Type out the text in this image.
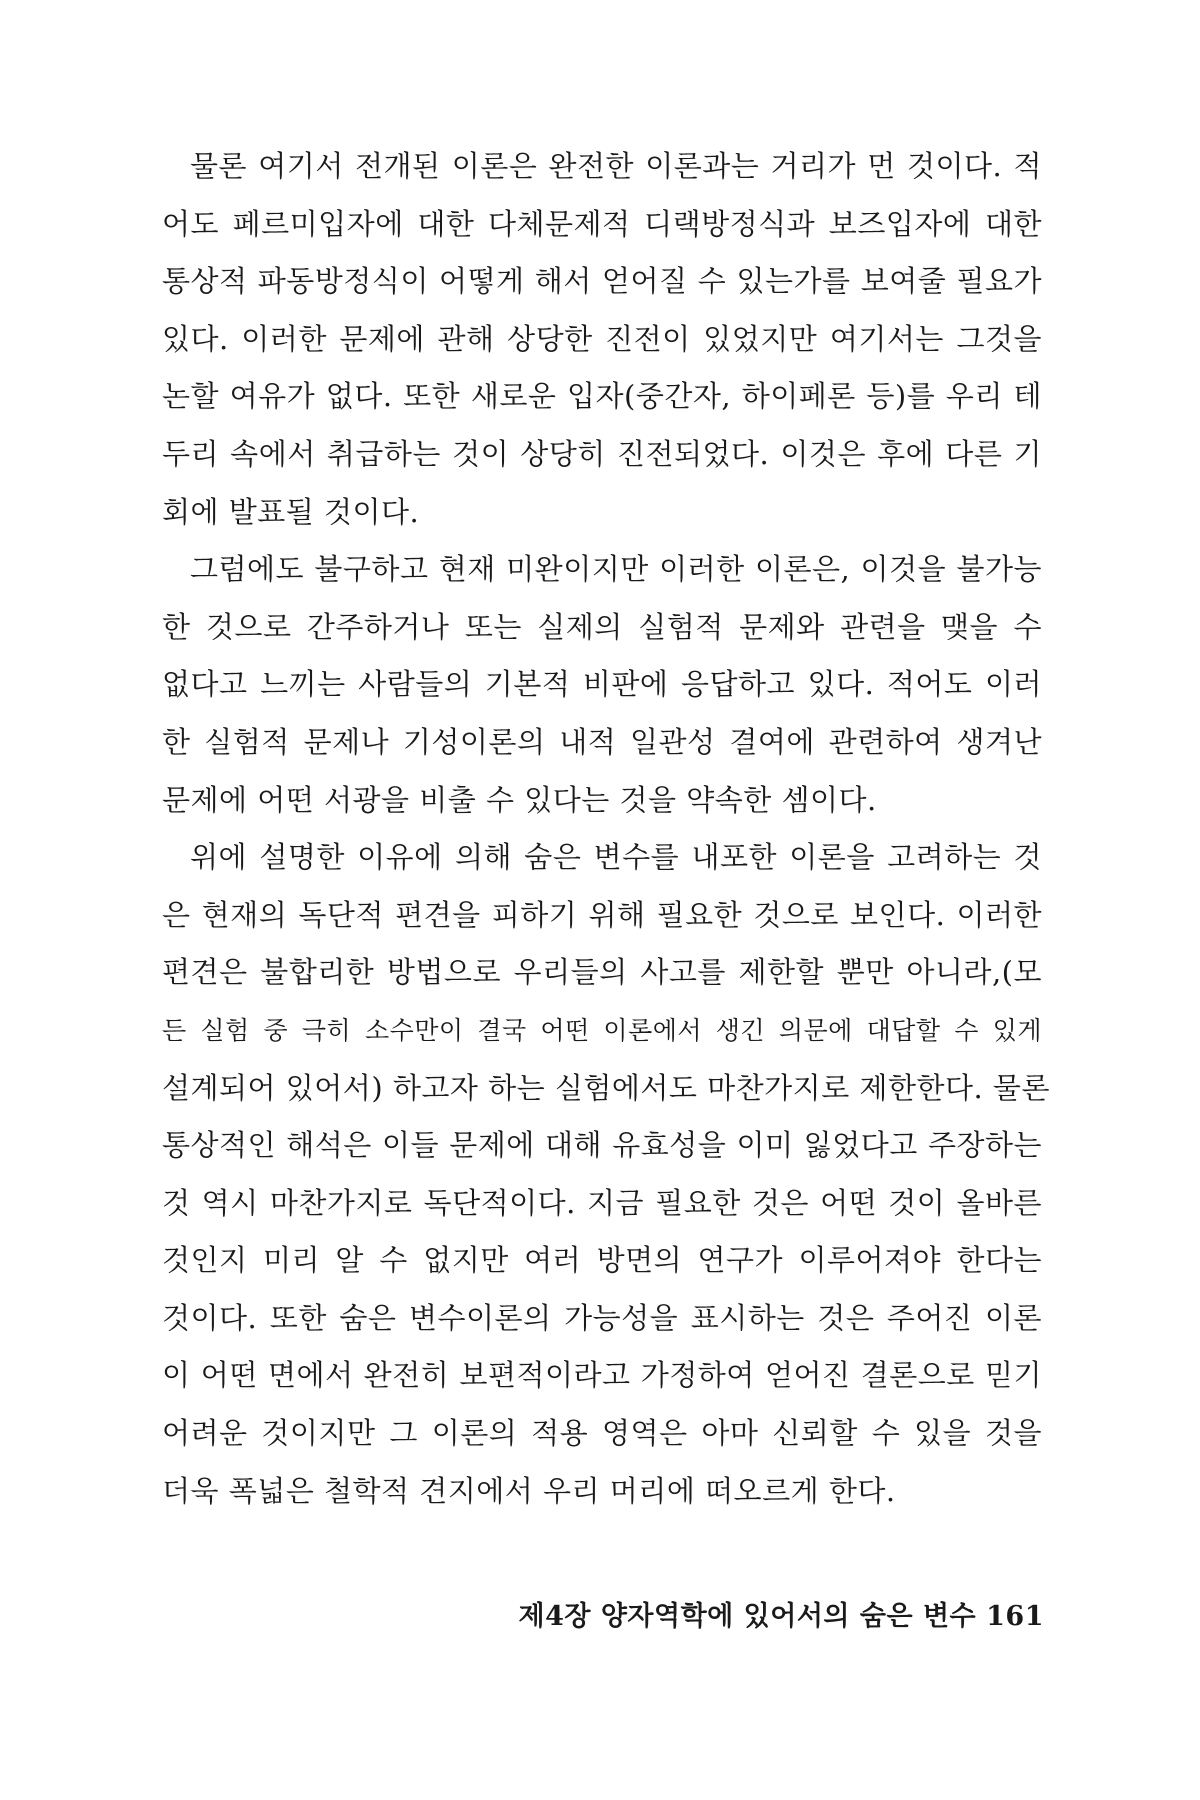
물론 여기서 전개된 이론은 완전한 이론과는 거리가 먼 것이다. 적
어도 페르미입자에 대한 다체문제적 디랙방정식과 보즈입자에 대한
통상적 파동방정식이 어떻게 해서 얻어질 수 있는가를 보여줄 필요가
있다. 이러한 문제에 관해 상당한 진전이 있었지만 여기서는 그것을
논할 여유가 없다. 또한 새로운 입자(중간자, 하이페론 등)를 우리 테
두리 속에서 취급하는 것이 상당히 진전되었다. 이것은 후에 다른 기
회에 발표될 것이다.
그럼에도 불구하고 현재 미완이지만 이러한 이론은, 이것을 불가능
한 것으로 간주하거나 또는 실제의 실험적 문제와 관련을 맺을 수
없다고 느끼는 사람들의 기본적 비판에 응답하고 있다. 적어도 이러
한 실험적 문제나 기성이론의 내적 일관성 결여에 관련하여 생겨난
문제에 어떤 서광을 비출 수 있다는 것을 약속한 셈이다.
위에 설명한 이유에 의해 숨은 변수를 내포한 이론을 고려하는 것
은 현재의 독단적 편견을 피하기 위해 필요한 것으로 보인다. 이러한
편견은 불합리한 방법으로 우리들의 사고를 제한할 뿐만 아니라,(모
든 실험 중 극히 소수만이 결국 어떤 이론에서 생긴 의문에 대답할 수 있게
설계되어 있어서) 하고자 하는 실험에서도 마찬가지로 제한한다. 물론
통상적인 해석은 이들 문제에 대해 유효성을 이미 잃었다고 주장하는
것 역시 마찬가지로 독단적이다. 지금 필요한 것은 어떤 것이 올바른
것인지 미리 알 수 없지만 여러 방면의 연구가 이루어져야 한다는
것이다. 또한 숨은 변수이론의 가능성을 표시하는 것은 주어진 이론
이 어떤 면에서 완전히 보편적이라고 가정하여 얻어진 결론으로 믿기
어려운 것이지만 그 이론의 적용 영역은 아마 신뢰할 수 있을 것을
더욱 폭넓은 철학적 견지에서 우리 머리에 떠오르게 한다.
제4장 양자역학에 있어서의 숨은 변수 161
